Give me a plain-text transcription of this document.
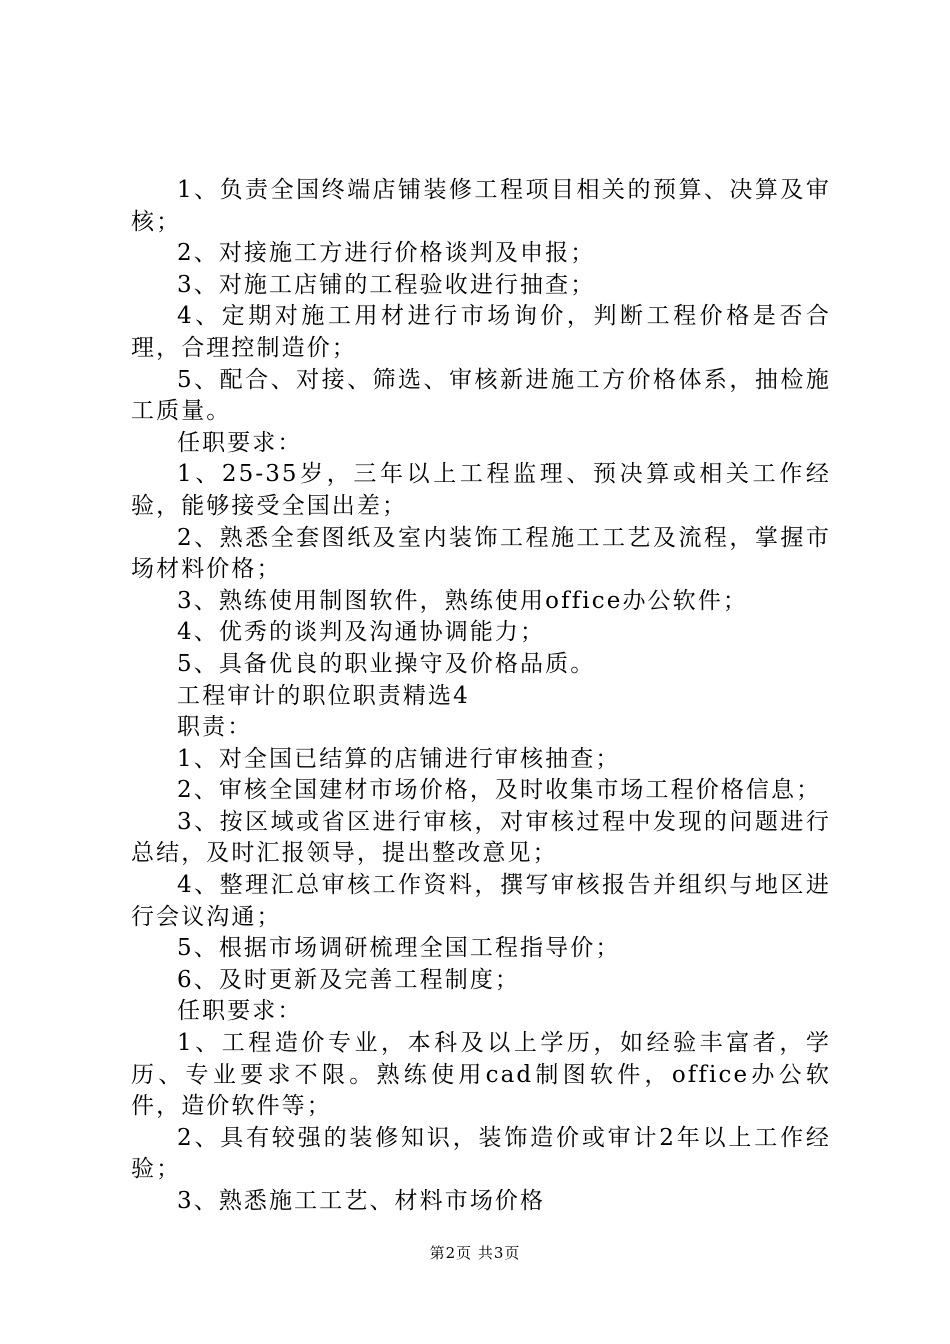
1、负责全国终端店铺装修工程项目相关的预算、决算及审核；

2、对接施工方进行价格谈判及申报；

3、对施工店铺的工程验收进行抽查；

4、定期对施工用材进行市场询价，判断工程价格是否合理，合理控制造价；

5、配合、对接、筛选、审核新进施工方价格体系，抽检施工质量。

任职要求：

1、25-35岁，三年以上工程监理、预决算或相关工作经验，能够接受全国出差；

2、熟悉全套图纸及室内装饰工程施工工艺及流程，掌握市场材料价格；

3、熟练使用制图软件，熟练使用office办公软件；

4、优秀的谈判及沟通协调能力；

5、具备优良的职业操守及价格品质。

工程审计的职位职责精选4

职责：

1、对全国已结算的店铺进行审核抽查；

2、审核全国建材市场价格，及时收集市场工程价格信息；

3、按区域或省区进行审核，对审核过程中发现的问题进行总结，及时汇报领导，提出整改意见；

4、整理汇总审核工作资料，撰写审核报告并组织与地区进行会议沟通；

5、根据市场调研梳理全国工程指导价；

6、及时更新及完善工程制度；

任职要求：

1、工程造价专业，本科及以上学历，如经验丰富者，学历、专业要求不限。熟练使用cad制图软件，office办公软件，造价软件等；

2、具有较强的装修知识，装饰造价或审计2年以上工作经验；

3、熟悉施工工艺、材料市场价格

第2页 共3页
